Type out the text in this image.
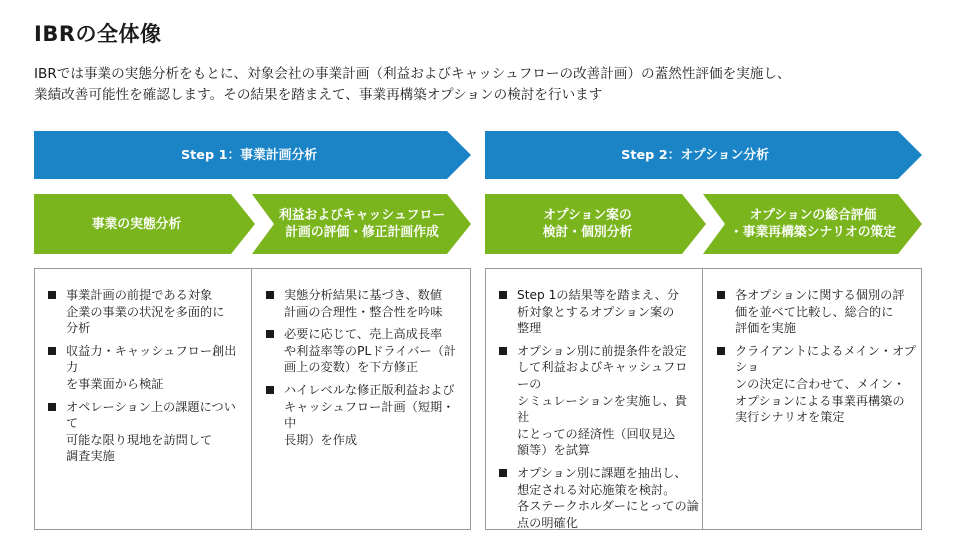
IBRの全体像
IBRでは事業の実態分析をもとに、対象会社の事業計画（利益およびキャッシュフローの改善計画）の蓋然性評価を実施し、
業績改善可能性を確認します。その結果を踏まえて、事業再構築オプションの検討を行います
Step 1：事業計画分析	Step 2：オプション分析
事業の実態分析
利益およびキャッシュフロー
計画の評価・修正計画作成
オプション案の
検討・個別分析
オプションの総合評価
・事業再構築シナリオの策定
事業計画の前提である対象
企業の事業の状況を多面的に
分析
収益力・キャッシュフロー創出力
を事業面から検証
オペレーション上の課題について
可能な限り現地を訪問して
調査実施
実態分析結果に基づき、数値
計画の合理性・整合性を吟味
必要に応じて、売上高成長率
や利益率等のPLドライバー（計
画上の変数）を下方修正
ハイレベルな修正版利益および
キャッシュフロー計画（短期・中
長期）を作成
Step 1の結果等を踏まえ、分
析対象とするオプション案の
整理
オプション別に前提条件を設定
して利益およびキャッシュフローの
シミュレーションを実施し、貴社
にとっての経済性（回収見込
額等）を試算
オプション別に課題を抽出し、
想定される対応施策を検討。
各ステークホルダーにとっての論
点の明確化
各オプションに関する個別の評
価を並べて比較し、総合的に
評価を実施
クライアントによるメイン・オプショ
ンの決定に合わせて、メイン・
オプションによる事業再構築の
実行シナリオを策定
